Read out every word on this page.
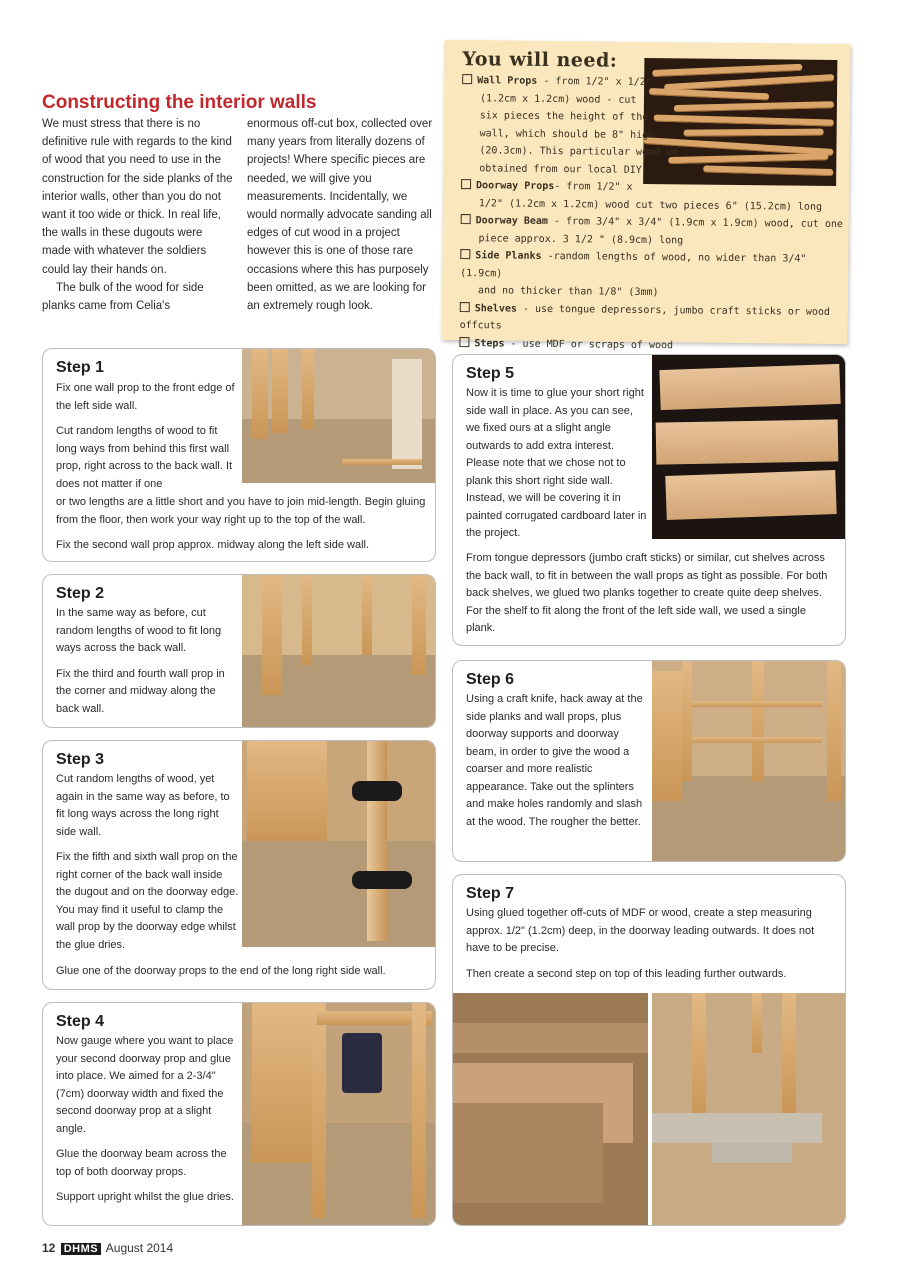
Constructing the interior walls

We must stress that there is no definitive rule with regards to the kind of wood that you need to use in the construction for the side planks of the interior walls, other than you do not want it too wide or thick. In real life, the walls in these dugouts were made with whatever the soldiers could lay their hands on.

The bulk of the wood for side planks came from Celia's

enormous off-cut box, collected over many years from literally dozens of projects! Where specific pieces are needed, we will give you measurements. Incidentally, we would normally advocate sanding all edges of cut wood in a project however this is one of those rare occasions where this has purposely been omitted, as we are looking for an extremely rough look.

You will need:
Wall Props - from 1/2" x 1/2"
(1.2cm x 1.2cm) wood - cut
six pieces the height of the
wall, which should be 8" high
(20.3cm). This particular wood we
obtained from our local DIY.
Doorway Props- from 1/2" x
1/2" (1.2cm x 1.2cm) wood cut two pieces 6" (15.2cm) long
Doorway Beam - from 3/4" x 3/4" (1.9cm x 1.9cm) wood, cut one
piece approx. 3 1/2 " (8.9cm) long
Side Planks -random lengths of wood, no wider than 3/4" (1.9cm)
and no thicker than 1/8" (3mm)
Shelves - use tongue depressors, jumbo craft sticks or wood offcuts
Steps - use MDF or scraps of wood
Step 1

Fix one wall prop to the front edge of the left side wall.

Cut random lengths of wood to fit long ways from behind this first wall prop, right across to the back wall. It does not matter if one

or two lengths are a little short and you have to join mid-length. Begin gluing from the floor, then work your way right up to the top of the wall.

Fix the second wall prop approx. midway along the left side wall.

Step 2

In the same way as before, cut random lengths of wood to fit long ways across the back wall.

Fix the third and fourth wall prop in the corner and midway along the back wall.

Step 3

Cut random lengths of wood, yet again in the same way as before, to fit long ways across the long right side wall.

Fix the fifth and sixth wall prop on the right corner of the back wall inside the dugout and on the doorway edge. You may find it useful to clamp the wall prop by the doorway edge whilst the glue dries.

Glue one of the doorway props to the end of the long right side wall.

Step 4

Now gauge where you want to place your second doorway prop and glue into place. We aimed for a 2-3/4" (7cm) doorway width and fixed the second doorway prop at a slight angle.

Glue the doorway beam across the top of both doorway props.

Support upright whilst the glue dries.

Step 5

Now it is time to glue your short right side wall in place. As you can see, we fixed ours at a slight angle outwards to add extra interest. Please note that we chose not to plank this short right side wall. Instead, we will be covering it in painted corrugated cardboard later in the project.

From tongue depressors (jumbo craft sticks) or similar, cut shelves across the back wall, to fit in between the wall props as tight as possible. For both back shelves, we glued two planks together to create quite deep shelves. For the shelf to fit along the front of the left side wall, we used a single plank.

Step 6

Using a craft knife, hack away at the side planks and wall props, plus doorway supports and doorway beam, in order to give the wood a coarser and more realistic appearance. Take out the splinters and make holes randomly and slash at the wood. The rougher the better.

Step 7

Using glued together off-cuts of MDF or wood, create a step measuring approx. 1/2" (1.2cm) deep, in the doorway leading outwards. It does not have to be precise.

Then create a second step on top of this leading further outwards.

12 DHMS August 2014
